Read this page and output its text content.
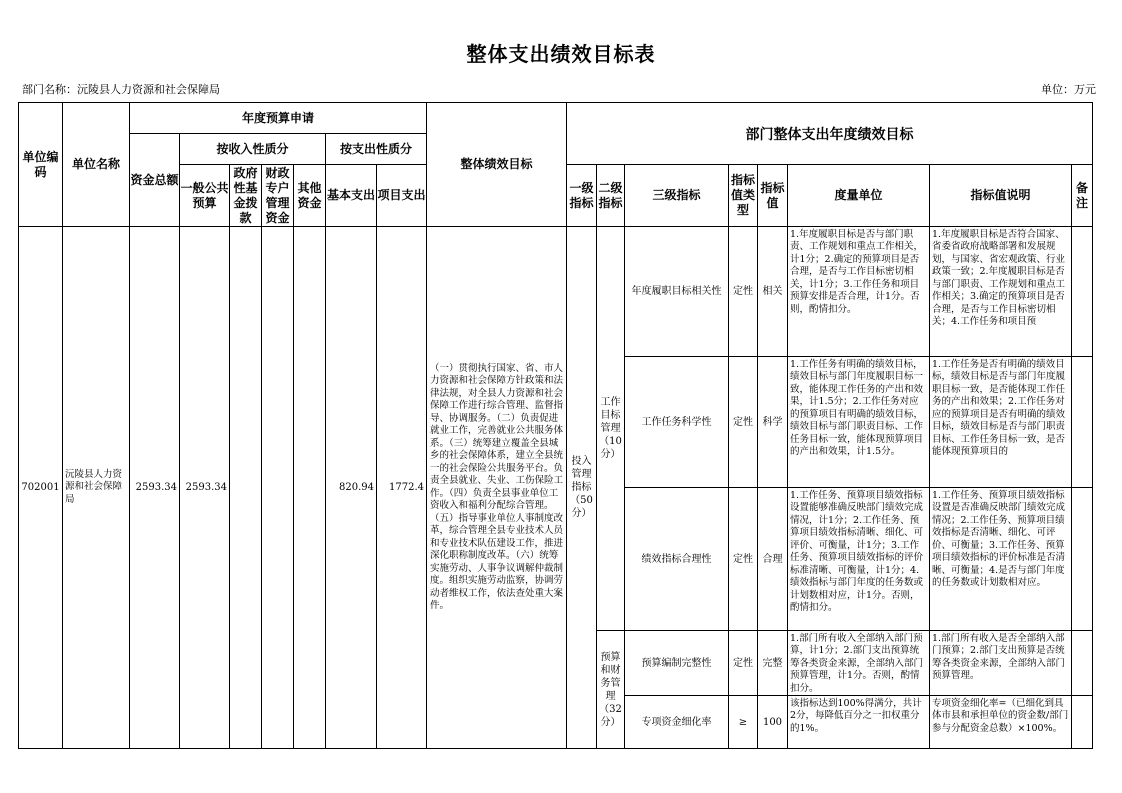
整体支出绩效目标表
部门名称：沅陵县人力资源和社会保障局	单位：万元
单位编码	单位名称	年度预算申请							整体绩效目标	部门整体支出年度绩效目标							
		资金总额	按收入性质分				按支出性质分										
			一般公共预算	政府性基金拨款	财政专户管理资金	其他资金	基本支出	项目支出		一级指标	二级指标	三级指标	指标值类型	指标值	度量单位	指标值说明	备注
702001	沅陵县人力资源和社会保障局	2593.34	2593.34				820.94	1772.4	（一）贯彻执行国家、省、市人力资源和社会保障方针政策和法律法规，对全县人力资源和社会保障工作进行综合管理、监督指导、协调服务。（二）负责促进就业工作，完善就业公共服务体系。（三）统筹建立覆盖全县城乡的社会保障体系，建立全县统一的社会保险公共服务平台。负责全县就业、失业、工伤保险工作。（四）负责全县事业单位工资收入和福利分配综合管理。（五）指导事业单位人事制度改革，综合管理全县专业技术人员和专业技术队伍建设工作，推进深化职称制度改革。（六）统筹实施劳动、人事争议调解仲裁制度。组织实施劳动监察，协调劳动者维权工作，依法查处重大案件。	投入管理指标（50分）	工作目标管理（10分）	年度履职目标相关性	定性	相关	1.年度履职目标是否与部门职责、工作规划和重点工作相关，计1分；2.确定的预算项目是否合理，是否与工作目标密切相关，计1分；3.工作任务和项目预算安排是否合理，计1分。否则，酌情扣分。	1.年度履职目标是否符合国家、省委省政府战略部署和发展规划，与国家、省宏观政策、行业政策一致；2.年度履职目标是否与部门职责、工作规划和重点工作相关；3.确定的预算项目是否合理，是否与工作目标密切相关；4.工作任务和项目预	

												工作任务科学性	定性	科学	1.工作任务有明确的绩效目标，绩效目标与部门年度履职目标一致，能体现工作任务的产出和效果，计1.5分；2.工作任务对应的预算项目有明确的绩效目标，绩效目标与部门职责目标、工作任务目标一致，能体现预算项目的产出和效果，计1.5分。	1.工作任务是否有明确的绩效目标，绩效目标是否与部门年度履职目标一致，是否能体现工作任务的产出和效果；2.工作任务对应的预算项目是否有明确的绩效目标，绩效目标是否与部门职责目标、工作任务目标一致，是否能体现预算项目的	

												绩效指标合理性	定性	合理	1.工作任务、预算项目绩效指标设置能够准确反映部门绩效完成情况，计1分；2.工作任务、预算项目绩效指标清晰、细化、可评价、可衡量，计1分；3.工作任务、预算项目绩效指标的评价标准清晰、可衡量，计1分；4.绩效指标与部门年度的任务数或计划数相对应，计1分。否则，酌情扣分。	1.工作任务、预算项目绩效指标设置是否准确反映部门绩效完成情况；2.工作任务、预算项目绩效指标是否清晰、细化、可评价、可衡量；3.工作任务、预算项目绩效指标的评价标准是否清晰、可衡量；4.是否与部门年度的任务数或计划数相对应。	

											预算和财务管理（32分）	预算编制完整性	定性	完整	1.部门所有收入全部纳入部门预算，计1分；2.部门支出预算统筹各类资金来源，全部纳入部门预算管理，计1分。否则，酌情扣分。	1.部门所有收入是否全部纳入部门预算；2.部门支出预算是否统筹各类资金来源，全部纳入部门预算管理。	

												专项资金细化率	≥	100	该指标达到100%得满分，共计2分，每降低百分之一扣权重分的1%。	专项资金细化率=（已细化到具体市县和承担单位的资金数/部门参与分配资金总数）×100%。	
